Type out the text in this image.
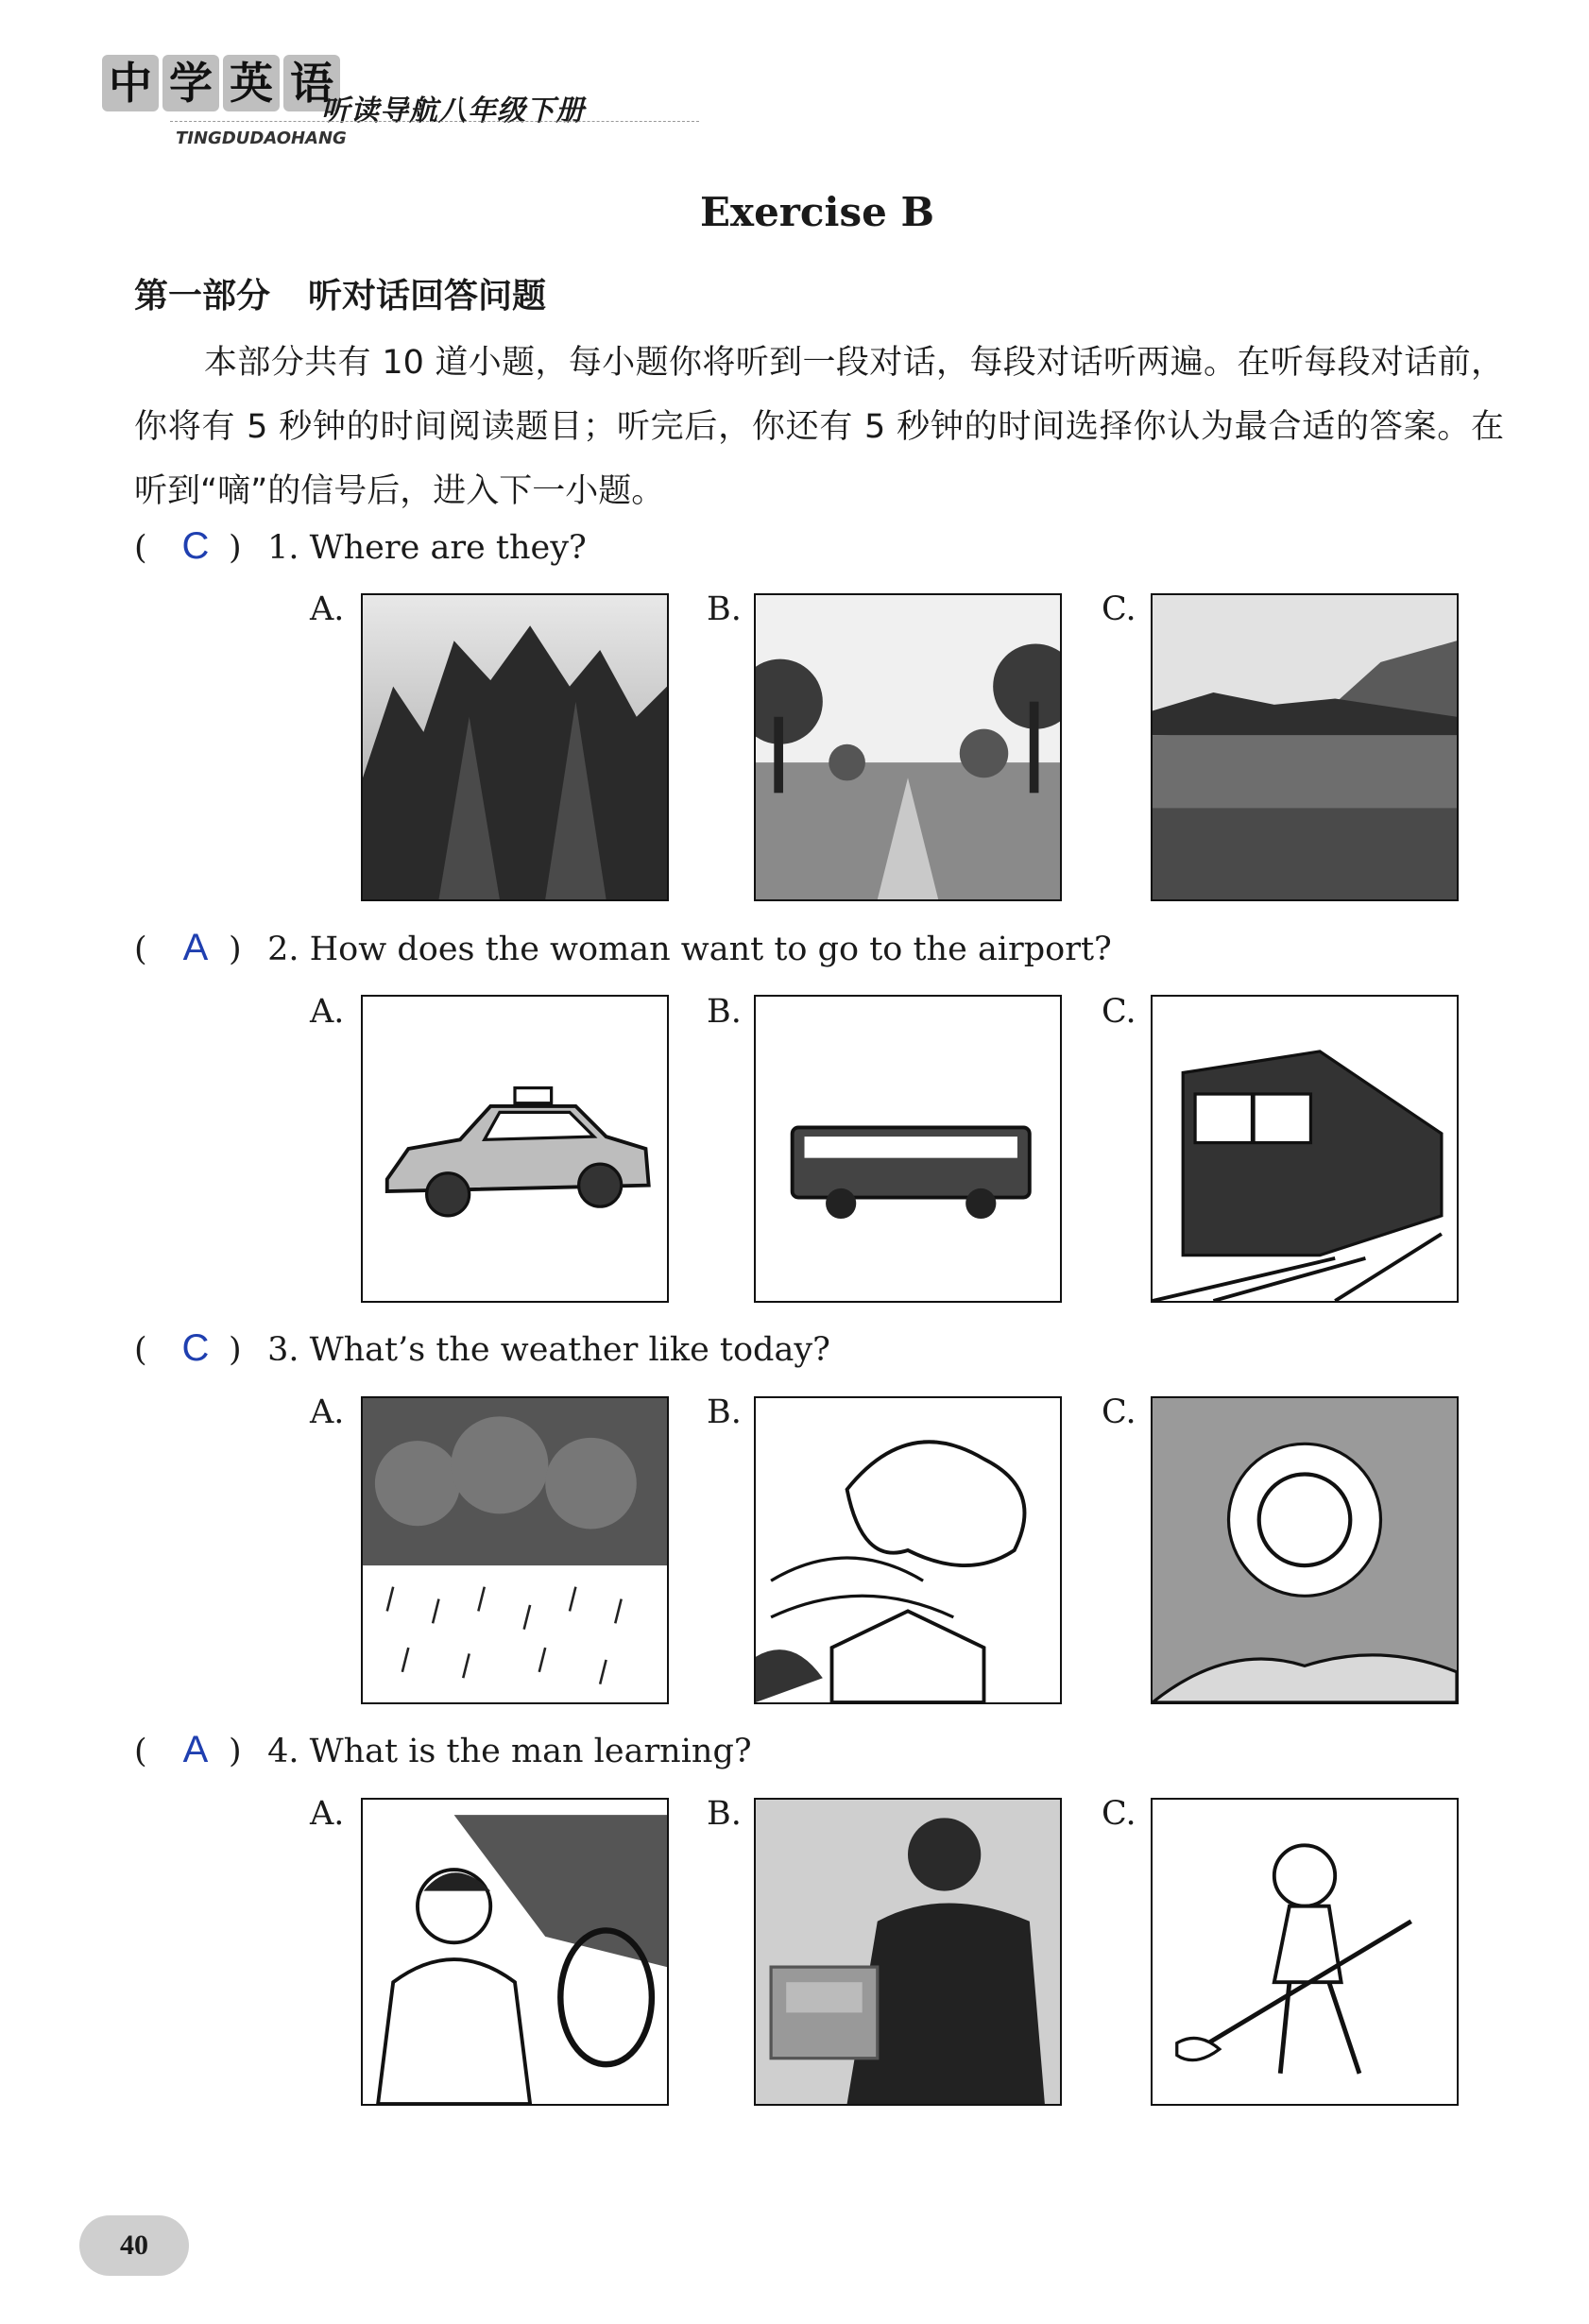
中 学 英 语
听读导航八年级下册
TINGDUDAOHANG
Exercise B
第一部分 听对话回答问题
本部分共有 10 道小题，每小题你将听到一段对话，每段对话听两遍。在听每段对话前，你将有 5 秒钟的时间阅读题目；听完后，你还有 5 秒钟的时间选择你认为最合适的答案。在听到“嘀”的信号后，进入下一小题。
( C ) 1. Where are they?
A.	B.	C.
( A ) 2. How does the woman want to go to the airport?
A.	B.	C.
( C ) 3. What’s the weather like today?
A.	B.	C.
( A ) 4. What is the man learning?
A.	B.	C.
40
